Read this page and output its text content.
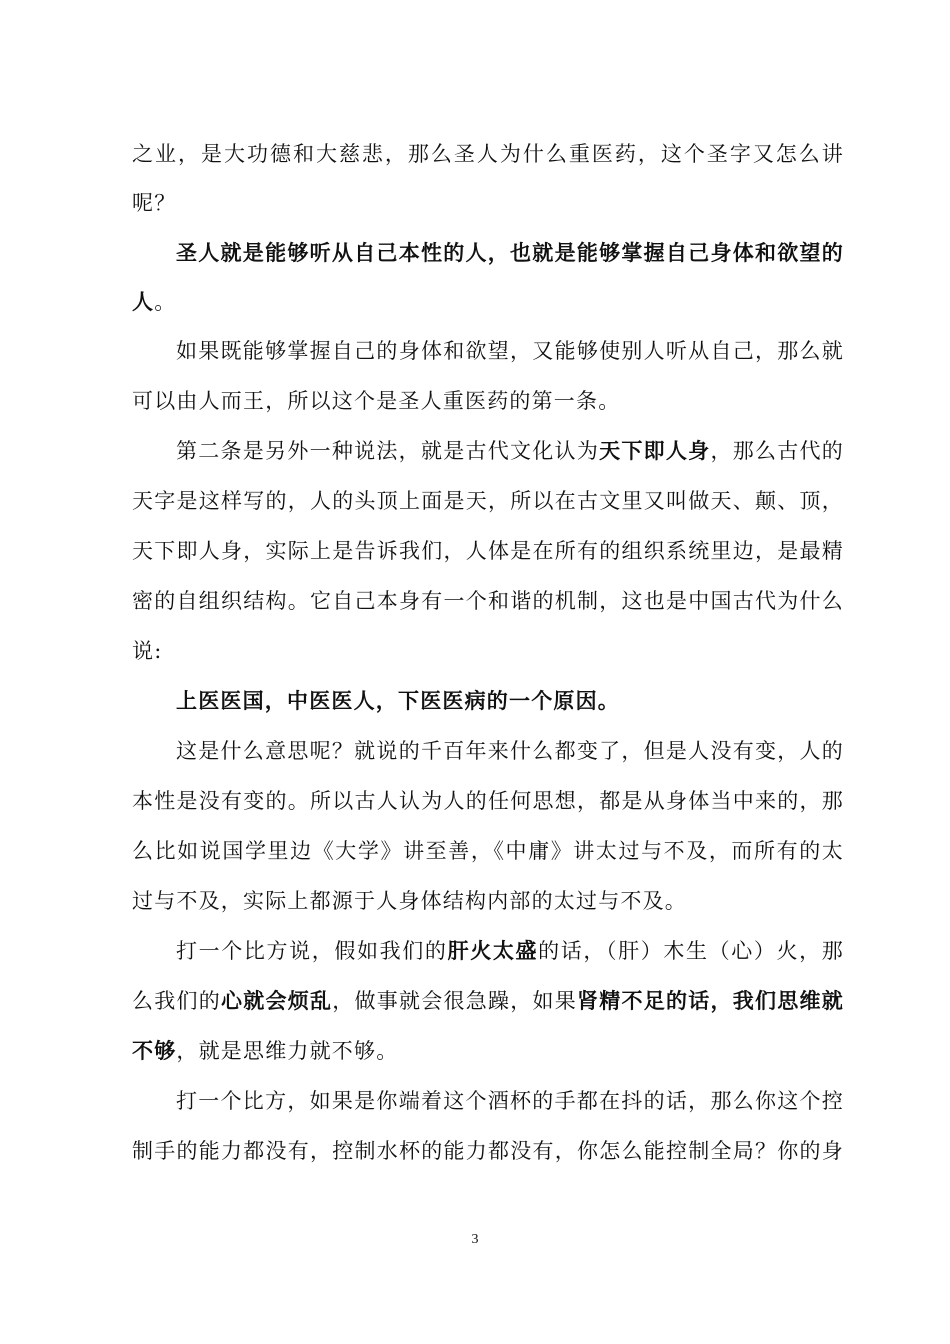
之业，是大功德和大慈悲，那么圣人为什么重医药，这个圣字又怎么讲
呢？
圣人就是能够听从自己本性的人，也就是能够掌握自己身体和欲望的
人。
如果既能够掌握自己的身体和欲望，又能够使别人听从自己，那么就
可以由人而王，所以这个是圣人重医药的第一条。
第二条是另外一种说法，就是古代文化认为天下即人身，那么古代的
天字是这样写的，人的头顶上面是天，所以在古文里又叫做天、颠、顶，
天下即人身，实际上是告诉我们，人体是在所有的组织系统里边，是最精
密的自组织结构。它自己本身有一个和谐的机制，这也是中国古代为什么
说:
上医医国，中医医人，下医医病的一个原因。
这是什么意思呢？就说的千百年来什么都变了，但是人没有变，人的
本性是没有变的。所以古人认为人的任何思想，都是从身体当中来的，那
么比如说国学里边《大学》讲至善，《中庸》讲太过与不及，而所有的太
过与不及，实际上都源于人身体结构内部的太过与不及。
打一个比方说，假如我们的肝火太盛的话，（肝）木生（心）火，那
么我们的心就会烦乱，做事就会很急躁，如果肾精不足的话，我们思维就
不够，就是思维力就不够。
打一个比方，如果是你端着这个酒杯的手都在抖的话，那么你这个控
制手的能力都没有，控制水杯的能力都没有，你怎么能控制全局？你的身
3
